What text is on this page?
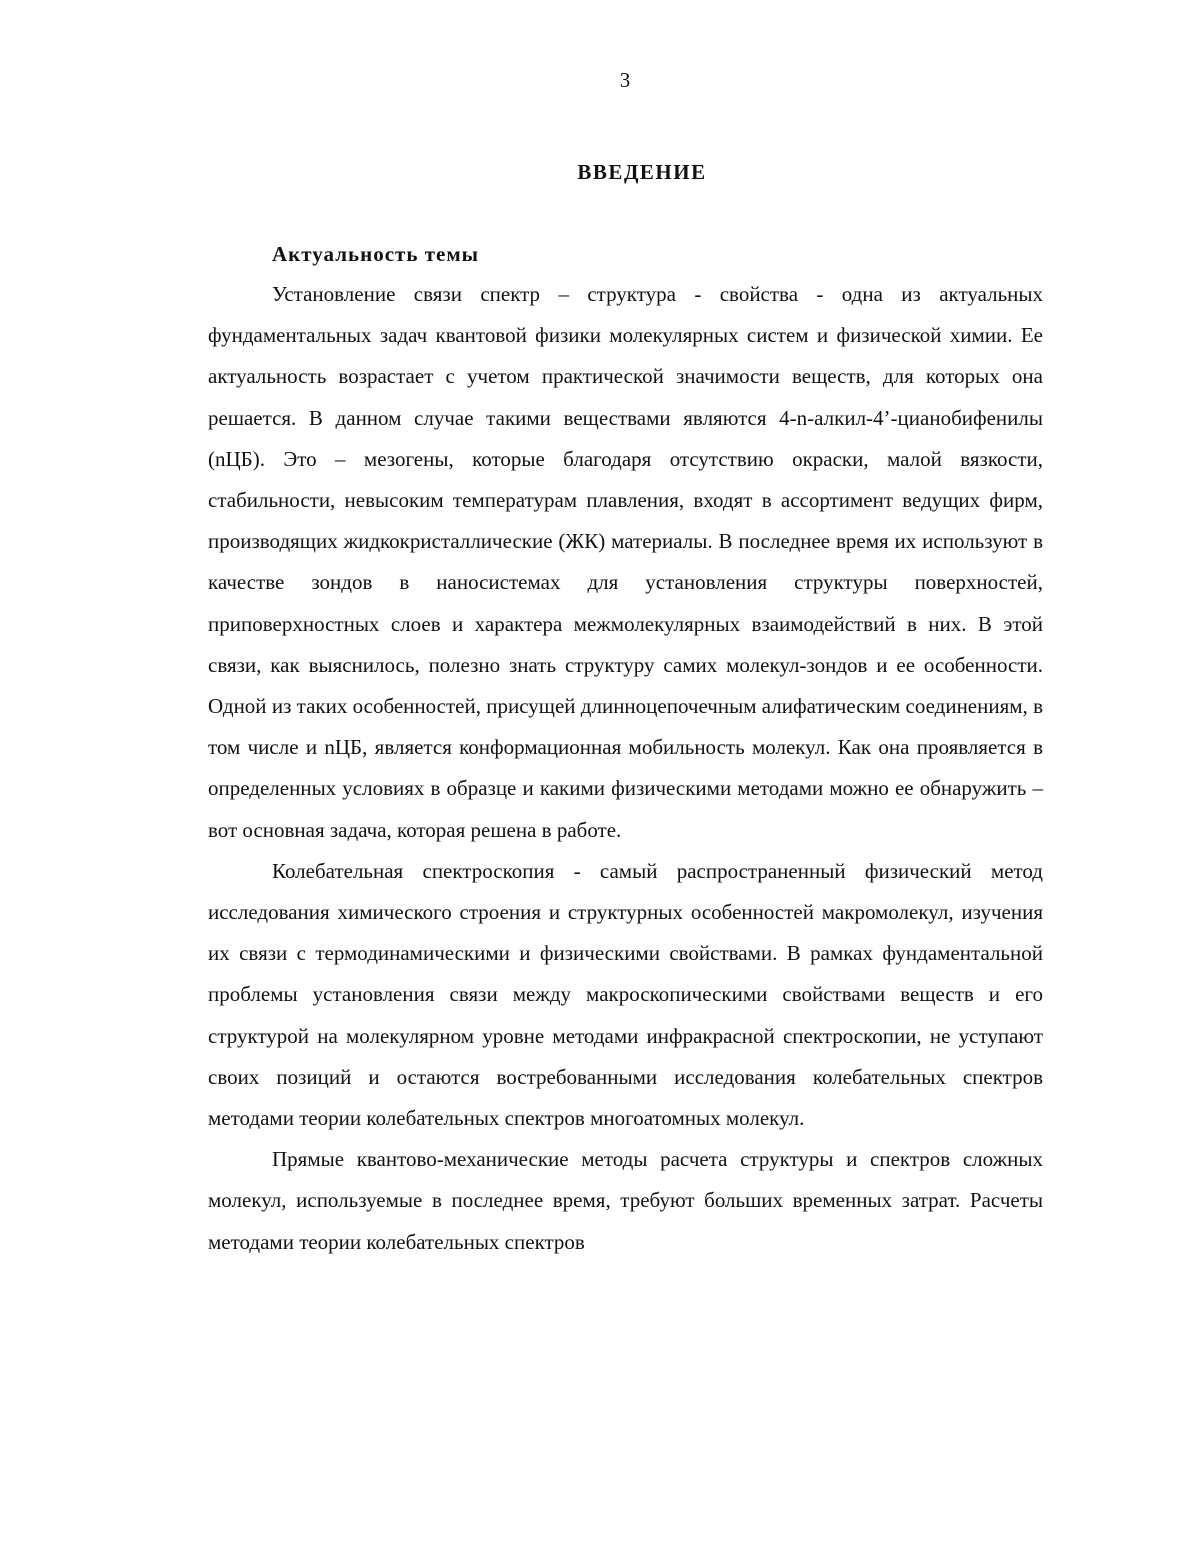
3
ВВЕДЕНИЕ
Актуальность темы

Установление связи спектр – структура - свойства - одна из актуальных фундаментальных задач квантовой физики молекулярных систем и физической химии. Ее актуальность возрастает с учетом практической значимости веществ, для которых она решается. В данном случае такими веществами являются 4-n-алкил-4’-цианобифенилы (nЦБ). Это – мезогены, которые благодаря отсутствию окраски, малой вязкости, стабильности, невысоким температурам плавления, входят в ассортимент ведущих фирм, производящих жидкокристаллические (ЖК) материалы. В последнее время их используют в качестве зондов в наносистемах для установления структуры поверхностей, приповерхностных слоев и характера межмолекулярных взаимодействий в них. В этой связи, как выяснилось, полезно знать структуру самих молекул-зондов и ее особенности. Одной из таких особенностей, присущей длинноцепочечным алифатическим соединениям, в том числе и nЦБ, является конформационная мобильность молекул. Как она проявляется в определенных условиях в образце и какими физическими методами можно ее обнаружить – вот основная задача, которая решена в работе.

Колебательная спектроскопия - самый распространенный физический метод исследования химического строения и структурных особенностей макромолекул, изучения их связи с термодинамическими и физическими свойствами. В рамках фундаментальной проблемы установления связи между макроскопическими свойствами веществ и его структурой на молекулярном уровне методами инфракрасной спектроскопии, не уступают своих позиций и остаются востребованными исследования колебательных спектров методами теории колебательных спектров многоатомных молекул.

Прямые квантово-механические методы расчета структуры и спектров сложных молекул, используемые в последнее время, требуют больших временных затрат. Расчеты методами теории колебательных спектров
